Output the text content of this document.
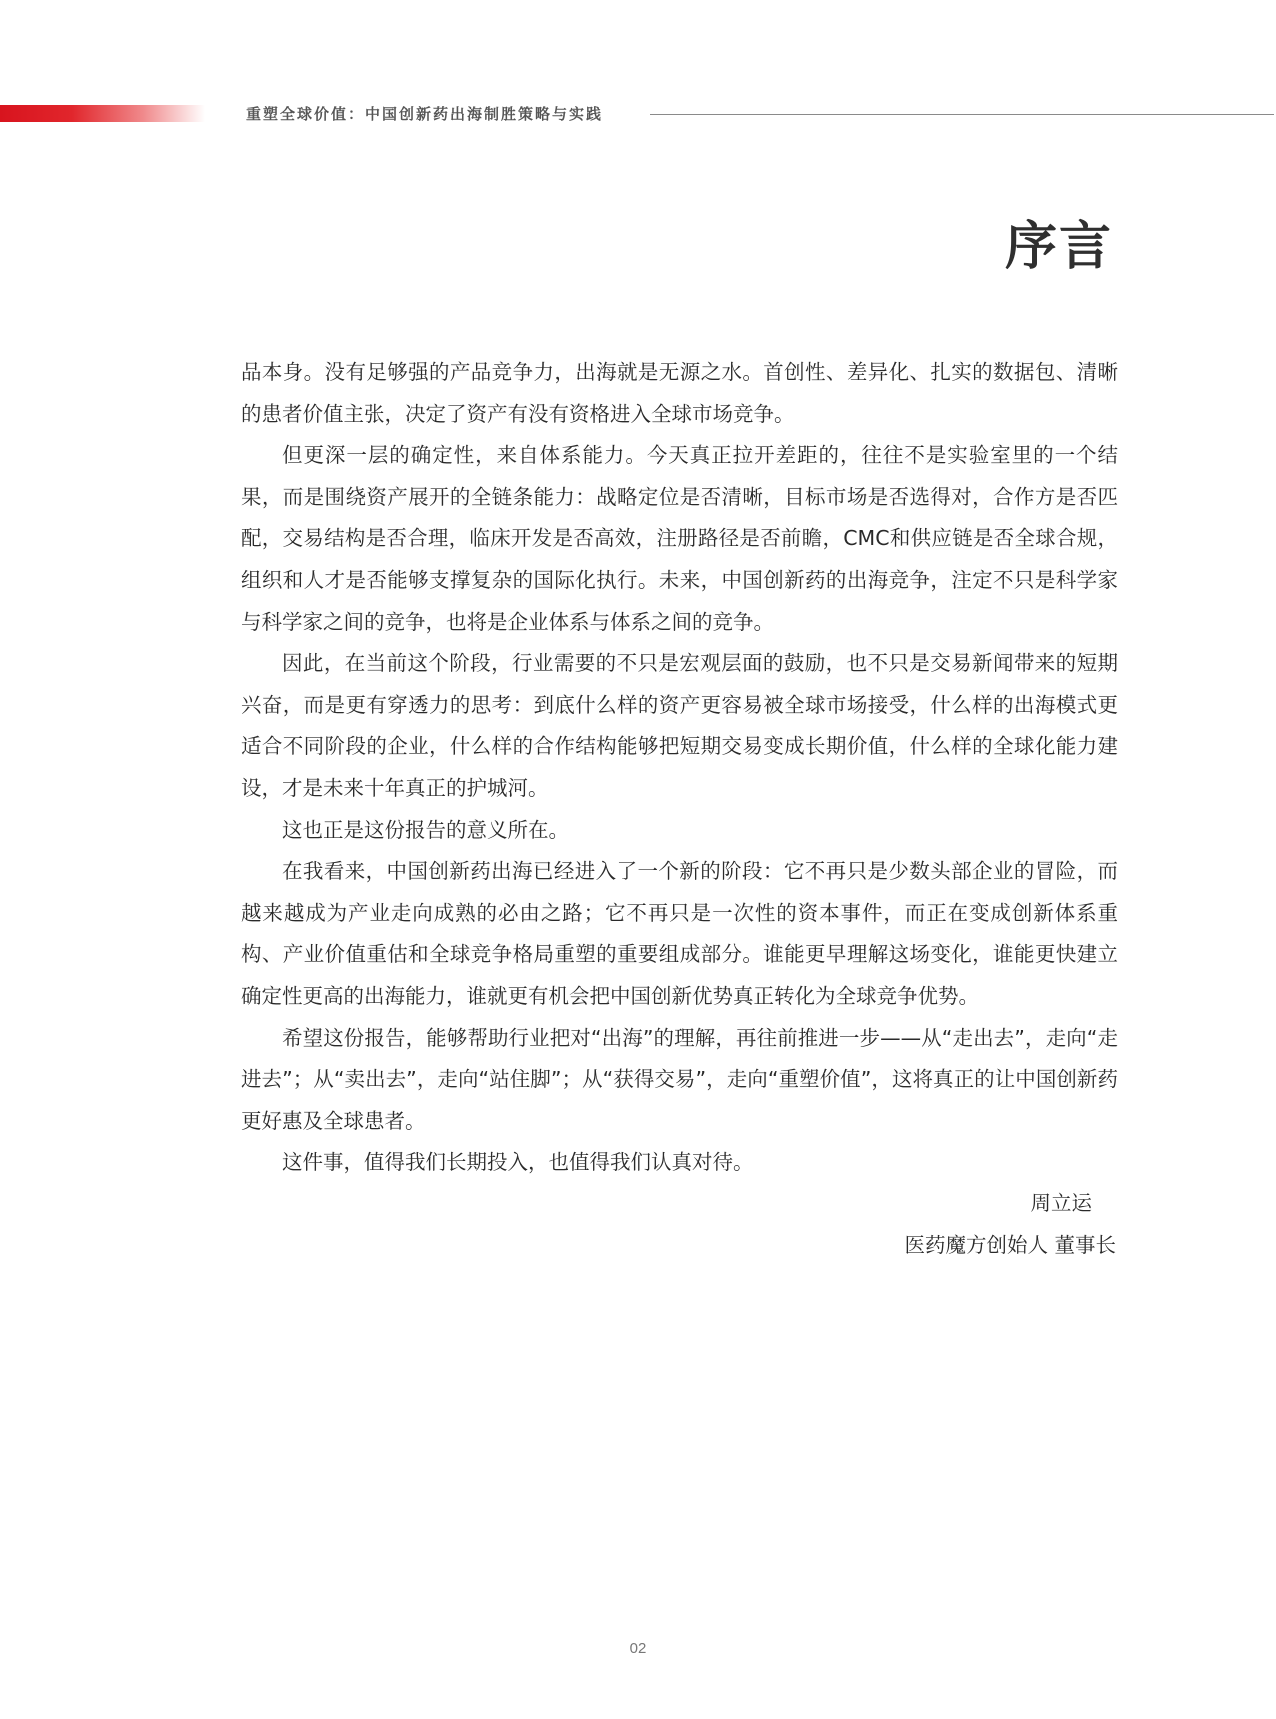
重塑全球价值：中国创新药出海制胜策略与实践
序言

品本身。没有足够强的产品竞争力，出海就是无源之水。首创性、差异化、扎实的数据包、清晰的患者价值主张，决定了资产有没有资格进入全球市场竞争。

但更深一层的确定性，来自体系能力。今天真正拉开差距的，往往不是实验室里的一个结果，而是围绕资产展开的全链条能力：战略定位是否清晰，目标市场是否选得对，合作方是否匹配，交易结构是否合理，临床开发是否高效，注册路径是否前瞻，CMC和供应链是否全球合规，组织和人才是否能够支撑复杂的国际化执行。未来，中国创新药的出海竞争，注定不只是科学家与科学家之间的竞争，也将是企业体系与体系之间的竞争。

因此，在当前这个阶段，行业需要的不只是宏观层面的鼓励，也不只是交易新闻带来的短期兴奋，而是更有穿透力的思考：到底什么样的资产更容易被全球市场接受，什么样的出海模式更适合不同阶段的企业，什么样的合作结构能够把短期交易变成长期价值，什么样的全球化能力建设，才是未来十年真正的护城河。

这也正是这份报告的意义所在。

在我看来，中国创新药出海已经进入了一个新的阶段：它不再只是少数头部企业的冒险，而越来越成为产业走向成熟的必由之路；它不再只是一次性的资本事件，而正在变成创新体系重构、产业价值重估和全球竞争格局重塑的重要组成部分。谁能更早理解这场变化，谁能更快建立确定性更高的出海能力，谁就更有机会把中国创新优势真正转化为全球竞争优势。

希望这份报告，能够帮助行业把对“出海”的理解，再往前推进一步——从“走出去”，走向“走进去”；从“卖出去”，走向“站住脚”；从“获得交易”，走向“重塑价值”，这将真正的让中国创新药更好惠及全球患者。

这件事，值得我们长期投入，也值得我们认真对待。

周立运
医药魔方创始人 董事长
02
